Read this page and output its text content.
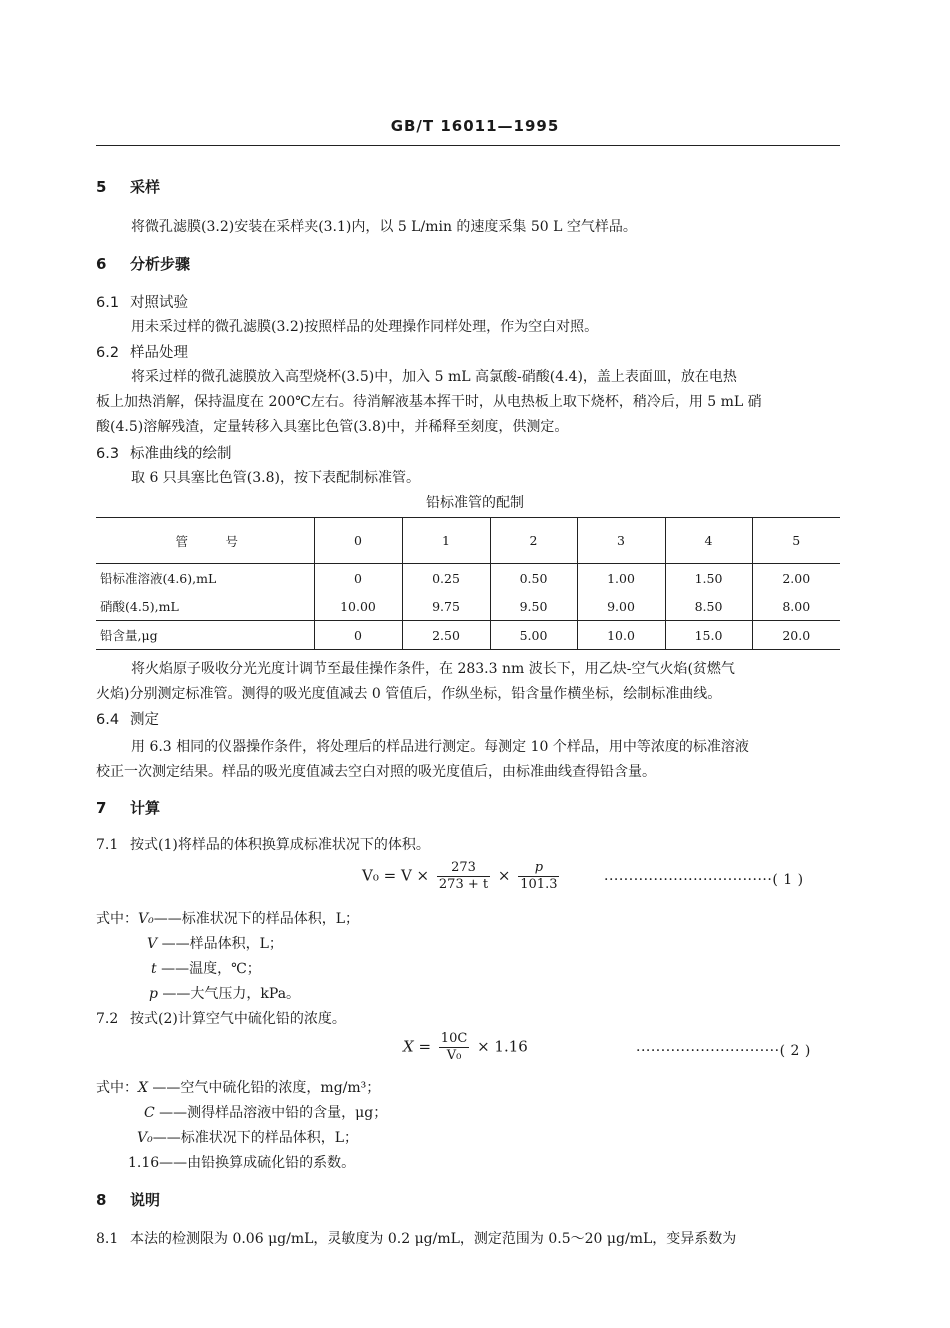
GB/T 16011—1995
5 采样
将微孔滤膜(3.2)安装在采样夹(3.1)内，以 5 L/min 的速度采集 50 L 空气样品。
6 分析步骤
6.1 对照试验
用未采过样的微孔滤膜(3.2)按照样品的处理操作同样处理，作为空白对照。
6.2 样品处理
将采过样的微孔滤膜放入高型烧杯(3.5)中，加入 5 mL 高氯酸-硝酸(4.4)，盖上表面皿，放在电热
板上加热消解，保持温度在 200℃左右。待消解液基本挥干时，从电热板上取下烧杯，稍冷后，用 5 mL 硝
酸(4.5)溶解残渣，定量转移入具塞比色管(3.8)中，并稀释至刻度，供测定。
6.3 标准曲线的绘制
取 6 只具塞比色管(3.8)，按下表配制标准管。
铅标准管的配制
管　　　号	0	1	2	3	4	5
铅标准溶液(4.6),mL	0	0.25	0.50	1.00	1.50	2.00
硝酸(4.5),mL	10.00	9.75	9.50	9.00	8.50	8.00
铅含量,μg	0	2.50	5.00	10.0	15.0	20.0
将火焰原子吸收分光光度计调节至最佳操作条件，在 283.3 nm 波长下，用乙炔-空气火焰(贫燃气
火焰)分别测定标准管。测得的吸光度值减去 0 管值后，作纵坐标，铅含量作横坐标，绘制标准曲线。
6.4 测定
用 6.3 相同的仪器操作条件，将处理后的样品进行测定。每测定 10 个样品，用中等浓度的标准溶液
校正一次测定结果。样品的吸光度值减去空白对照的吸光度值后，由标准曲线查得铅含量。
7 计算
7.1 按式(1)将样品的体积换算成标准状况下的体积。
$V_0 = V \times \frac{273}{273 + t} \times \frac{p}{101.3}$	··································( 1 )
式中：V₀——标准状况下的样品体积，L；
V ——样品体积，L；
t ——温度，℃；
p ——大气压力，kPa。
7.2 按式(2)计算空气中硫化铅的浓度。
$X = \frac{10C}{\text{V₀}} \times 1.16$	·····························( 2 )
式中：X ——空气中硫化铅的浓度，mg/m³；
C ——测得样品溶液中铅的含量，μg；
V₀——标准状况下的样品体积，L；
1.16——由铅换算成硫化铅的系数。
8 说明
8.1 本法的检测限为 0.06 μg/mL，灵敏度为 0.2 μg/mL，测定范围为 0.5～20 μg/mL，变异系数为
